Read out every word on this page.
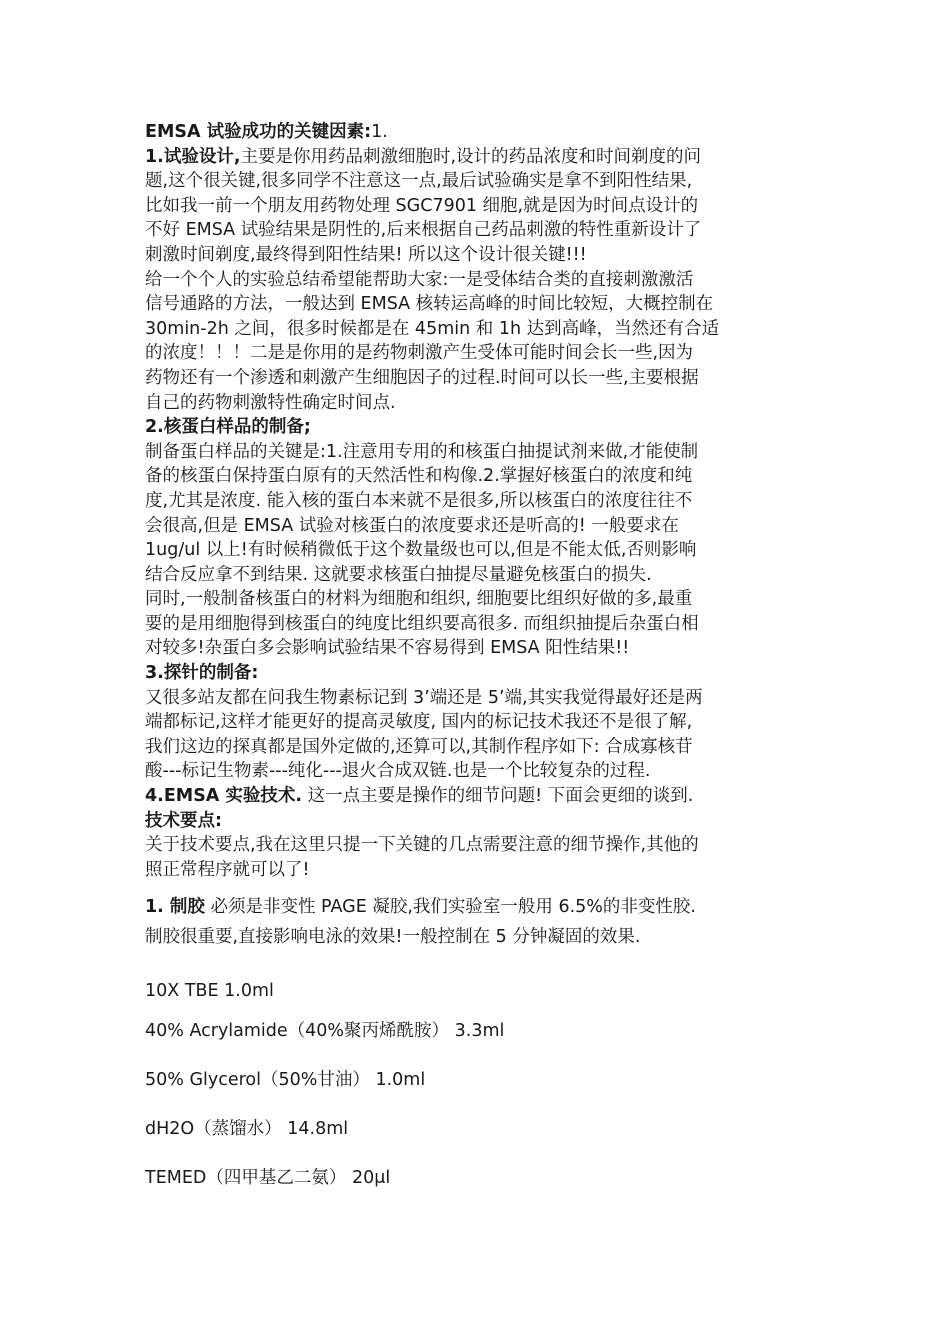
EMSA 试验成功的关键因素:1.

1.试验设计,主要是你用药品刺激细胞时,设计的药品浓度和时间剃度的问

题,这个很关键,很多同学不注意这一点,最后试验确实是拿不到阳性结果,

比如我一前一个朋友用药物处理 SGC7901 细胞,就是因为时间点设计的

不好 EMSA 试验结果是阴性的,后来根据自己药品刺激的特性重新设计了

刺激时间剃度,最终得到阳性结果! 所以这个设计很关键!!!

给一个个人的实验总结希望能帮助大家:一是受体结合类的直接刺激激活

信号通路的方法，一般达到 EMSA 核转运高峰的时间比较短，大概控制在

30min-2h 之间，很多时候都是在 45min 和 1h 达到高峰，当然还有合适

的浓度！！！二是是你用的是药物刺激产生受体可能时间会长一些,因为

药物还有一个渗透和刺激产生细胞因子的过程.时间可以长一些,主要根据

自己的药物刺激特性确定时间点.

2.核蛋白样品的制备;

制备蛋白样品的关键是:1.注意用专用的和核蛋白抽提试剂来做,才能使制

备的核蛋白保持蛋白原有的天然活性和构像.2.掌握好核蛋白的浓度和纯

度,尤其是浓度. 能入核的蛋白本来就不是很多,所以核蛋白的浓度往往不

会很高,但是 EMSA 试验对核蛋白的浓度要求还是听高的! 一般要求在

1ug/ul 以上!有时候稍微低于这个数量级也可以,但是不能太低,否则影响

结合反应拿不到结果. 这就要求核蛋白抽提尽量避免核蛋白的损失.

同时,一般制备核蛋白的材料为细胞和组织, 细胞要比组织好做的多,最重

要的是用细胞得到核蛋白的纯度比组织要高很多. 而组织抽提后杂蛋白相

对较多!杂蛋白多会影响试验结果不容易得到 EMSA 阳性结果!!

3.探针的制备:

又很多站友都在问我生物素标记到 3’端还是 5’端,其实我觉得最好还是两

端都标记,这样才能更好的提高灵敏度, 国内的标记技术我还不是很了解,

我们这边的探真都是国外定做的,还算可以,其制作程序如下: 合成寡核苷

酸---标记生物素---纯化---退火合成双链.也是一个比较复杂的过程.

4.EMSA 实验技术. 这一点主要是操作的细节问题! 下面会更细的谈到.

技术要点:

关于技术要点,我在这里只提一下关键的几点需要注意的细节操作,其他的

照正常程序就可以了!

1. 制胶 必须是非变性 PAGE 凝胶,我们实验室一般用 6.5%的非变性胶.

制胶很重要,直接影响电泳的效果!一般控制在 5 分钟凝固的效果.

10X TBE 1.0ml

40% Acrylamide（40%聚丙烯酰胺） 3.3ml

50% Glycerol（50%甘油） 1.0ml

dH2O（蒸馏水） 14.8ml

TEMED（四甲基乙二氨） 20μl
